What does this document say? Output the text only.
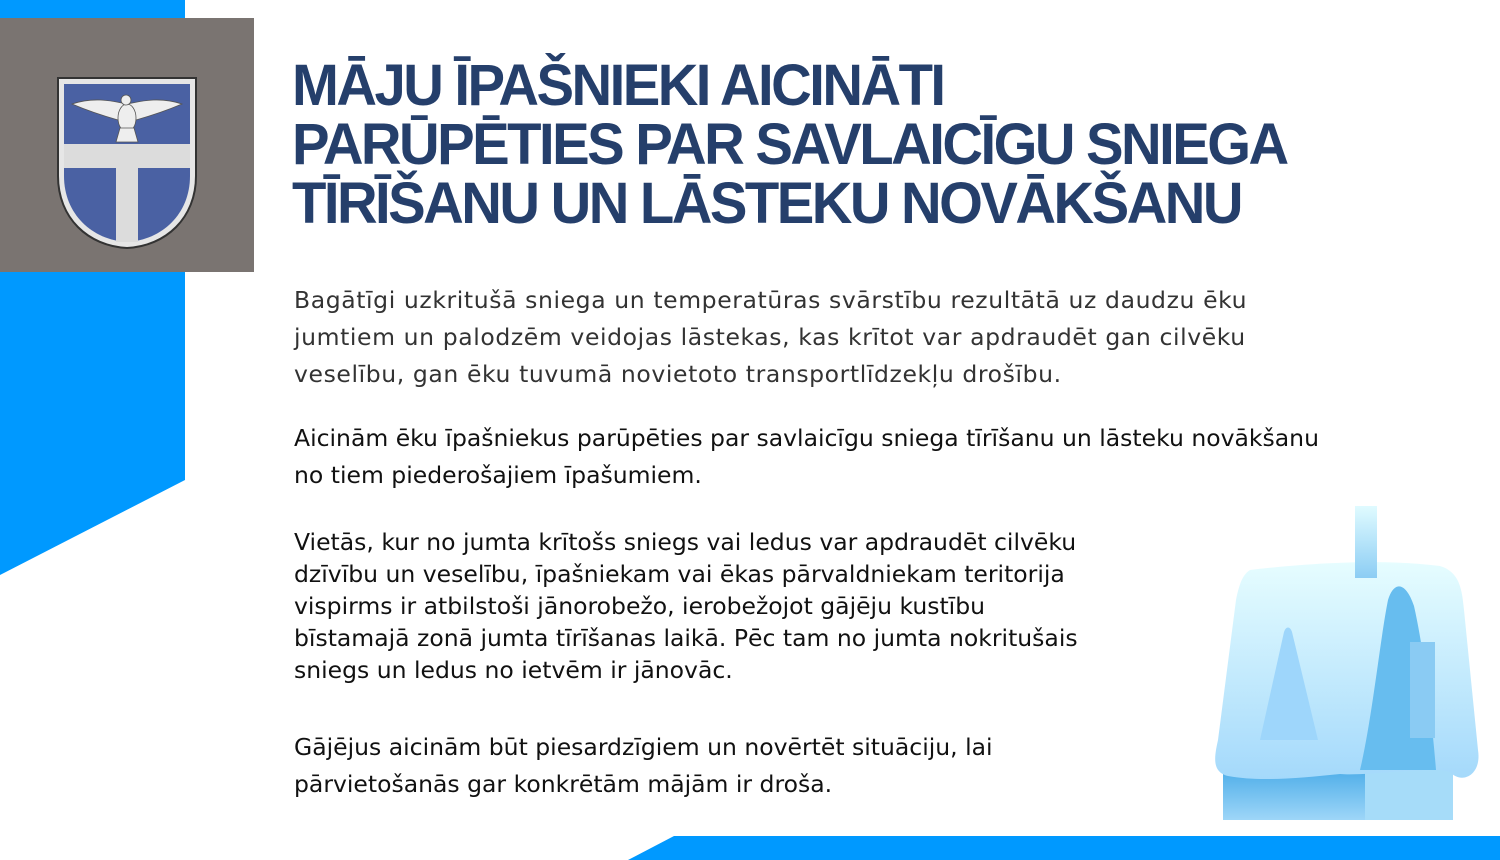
MĀJU ĪPAŠNIEKI AICINĀTI
PARŪPĒTIES PAR SAVLAICĪGU SNIEGA
TĪRĪŠANU UN LĀSTEKU NOVĀKŠANU
Bagātīgi uzkritušā sniega un temperatūras svārstību rezultātā uz daudzu ēku
jumtiem un palodzēm veidojas lāstekas, kas krītot var apdraudēt gan cilvēku
veselību, gan ēku tuvumā novietoto transportlīdzekļu drošību.
Aicinām ēku īpašniekus parūpēties par savlaicīgu sniega tīrīšanu un lāsteku novākšanu
no tiem piederošajiem īpašumiem.
Vietās, kur no jumta krītošs sniegs vai ledus var apdraudēt cilvēku
dzīvību un veselību, īpašniekam vai ēkas pārvaldniekam teritorija
vispirms ir atbilstoši jānorobežo, ierobežojot gājēju kustību
bīstamajā zonā jumta tīrīšanas laikā. Pēc tam no jumta nokritušais
sniegs un ledus no ietvēm ir jānovāc.
Gājējus aicinām būt piesardzīgiem un novērtēt situāciju, lai
pārvietošanās gar konkrētām mājām ir droša.
